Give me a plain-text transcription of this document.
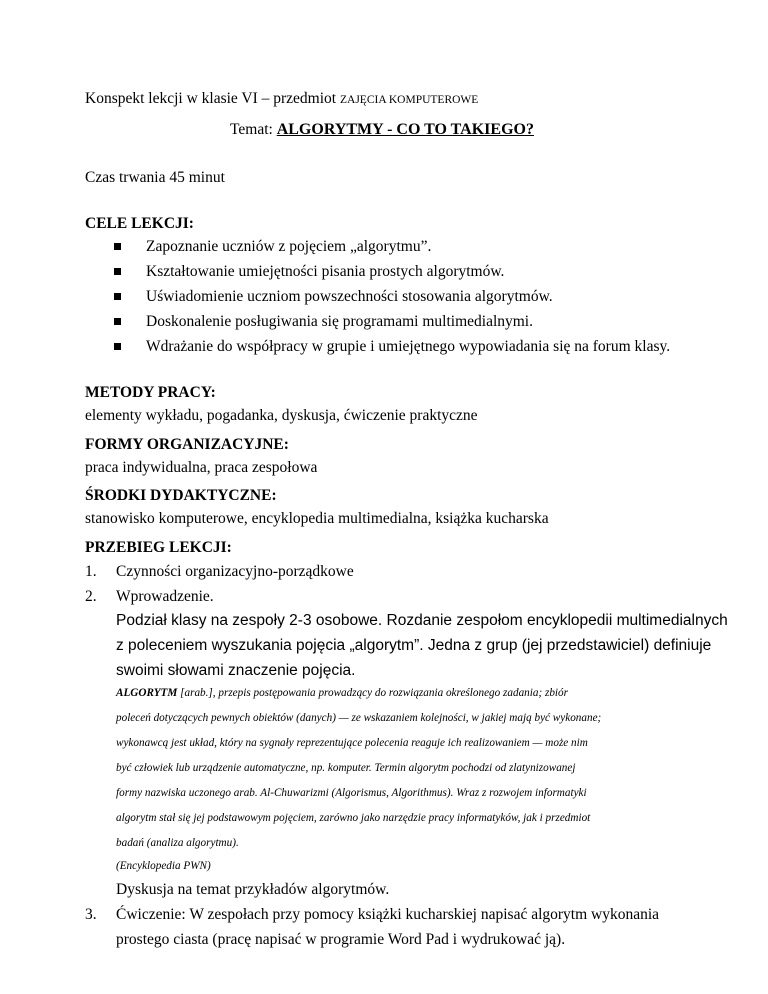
Konspekt lekcji w klasie VI – przedmiot ZAJĘCIA KOMPUTEROWE

Temat: ALGORYTMY - CO TO TAKIEGO?

Czas trwania 45 minut

CELE LEKCJI:

Zapoznanie uczniów z pojęciem „algorytmu”.
Kształtowanie umiejętności pisania prostych algorytmów.
Uświadomienie uczniom powszechności stosowania algorytmów.
Doskonalenie posługiwania się programami multimedialnymi.
Wdrażanie do współpracy w grupie i umiejętnego wypowiadania się na forum klasy.

METODY PRACY:

elementy wykładu, pogadanka, dyskusja, ćwiczenie praktyczne

FORMY ORGANIZACYJNE:

praca indywidualna, praca zespołowa

ŚRODKI DYDAKTYCZNE:

stanowisko komputerowe, encyklopedia multimedialna, książka kucharska

PRZEBIEG LEKCJI:

1. Czynności organizacyjno-porządkowe

2. Wprowadzenie.

Podział klasy na zespoły 2-3 osobowe. Rozdanie zespołom encyklopedii multimedialnych

z poleceniem wyszukania pojęcia „algorytm”. Jedna z grup (jej przedstawiciel) definiuje

swoimi słowami znaczenie pojęcia.

ALGORYTM [arab.], przepis postępowania prowadzący do rozwiązania określonego zadania; zbiór

poleceń dotyczących pewnych obiektów (danych) — ze wskazaniem kolejności, w jakiej mają być wykonane;

wykonawcą jest układ, który na sygnały reprezentujące polecenia reaguje ich realizowaniem — może nim

być człowiek lub urządzenie automatyczne, np. komputer. Termin algorytm pochodzi od zlatynizowanej

formy nazwiska uczonego arab. Al-Chuwarizmi (Algorismus, Algorithmus). Wraz z rozwojem informatyki

algorytm stał się jej podstawowym pojęciem, zarówno jako narzędzie pracy informatyków, jak i przedmiot

badań (analiza algorytmu).

(Encyklopedia PWN)

Dyskusja na temat przykładów algorytmów.

3. Ćwiczenie: W zespołach przy pomocy książki kucharskiej napisać algorytm wykonania

prostego ciasta (pracę napisać w programie Word Pad i wydrukować ją).
